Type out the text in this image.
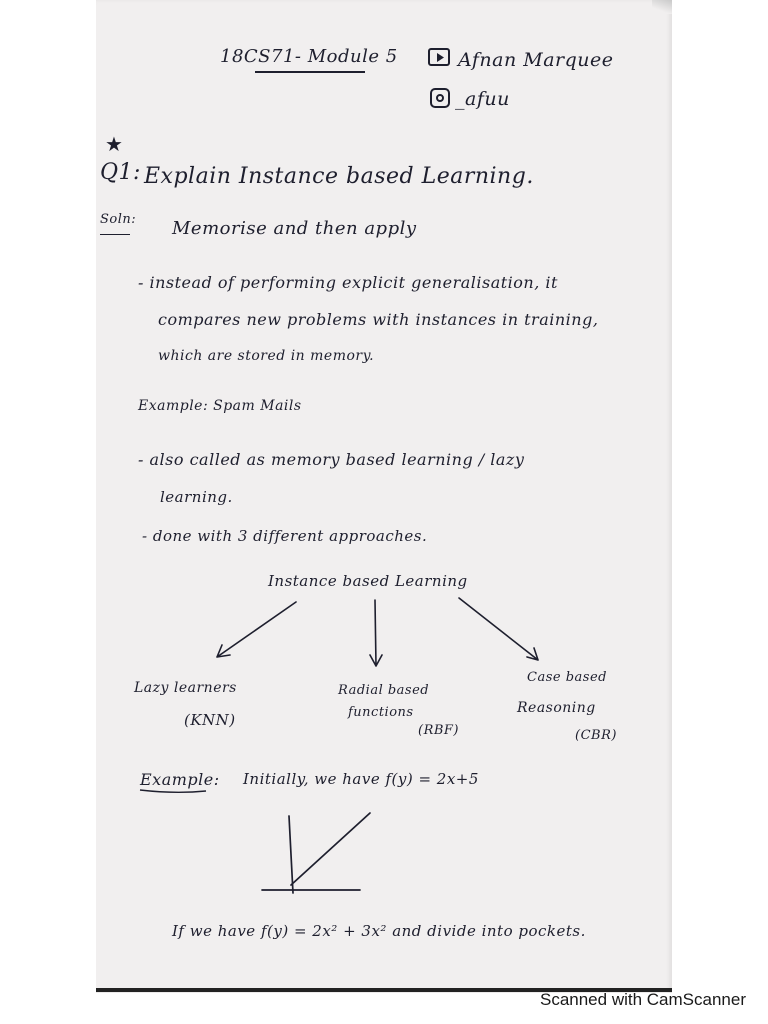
18CS71- Module 5	Afnan Marquee
_afuu
★
Q1: Explain Instance based Learning.
Soln: Memorise and then apply
- instead of performing explicit generalisation, it
compares new problems with instances in training,
which are stored in memory.
Example: Spam Mails
- also called as memory based learning / lazy
learning.
- done with 3 different approaches.
Instance based Learning
Lazy learners
(KNN)
Radial based
functions
(RBF)
Case based
Reasoning
(CBR)
Example: Initially, we have f(y) = 2x+5
If we have f(y) = 2x² + 3x² and divide into pockets.
Scanned with CamScanner
